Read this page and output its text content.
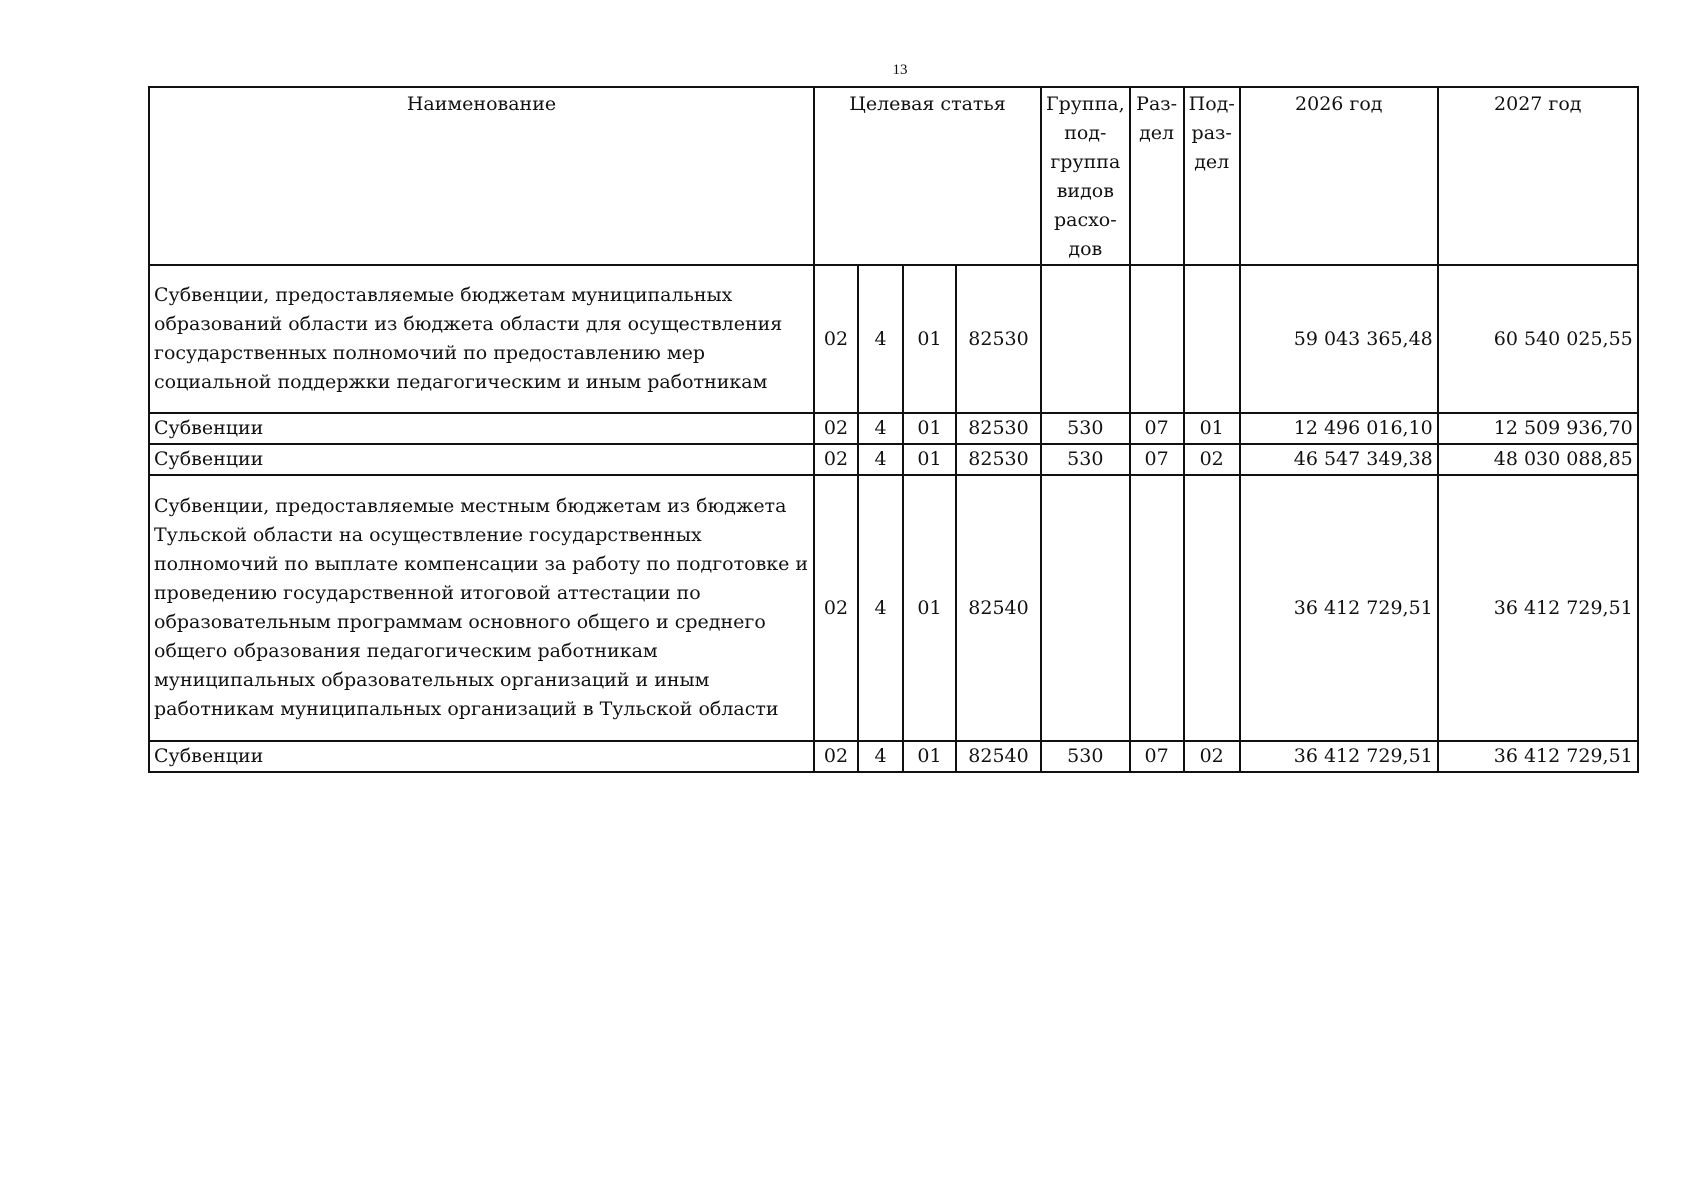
13
Наименование	Целевая статья				Группа, под- группа видов расхо- дов	Раз- дел	Под- раз- дел	2026 год	2027 год
Субвенции, предоставляемые бюджетам муниципальных образований области из бюджета области для осуществления государственных полномочий по предоставлению мер социальной поддержки педагогическим и иным работникам	02	4	01	82530				59 043 365,48	60 540 025,55
Субвенции	02	4	01	82530	530	07	01	12 496 016,10	12 509 936,70
Субвенции	02	4	01	82530	530	07	02	46 547 349,38	48 030 088,85
Субвенции, предоставляемые местным бюджетам из бюджета Тульской области на осуществление государственных полномочий по выплате компенсации за работу по подготовке и проведению государственной итоговой аттестации по образовательным программам основного общего и среднего общего образования педагогическим работникам муниципальных образовательных организаций и иным работникам муниципальных организаций в Тульской области	02	4	01	82540				36 412 729,51	36 412 729,51
Субвенции	02	4	01	82540	530	07	02	36 412 729,51	36 412 729,51
